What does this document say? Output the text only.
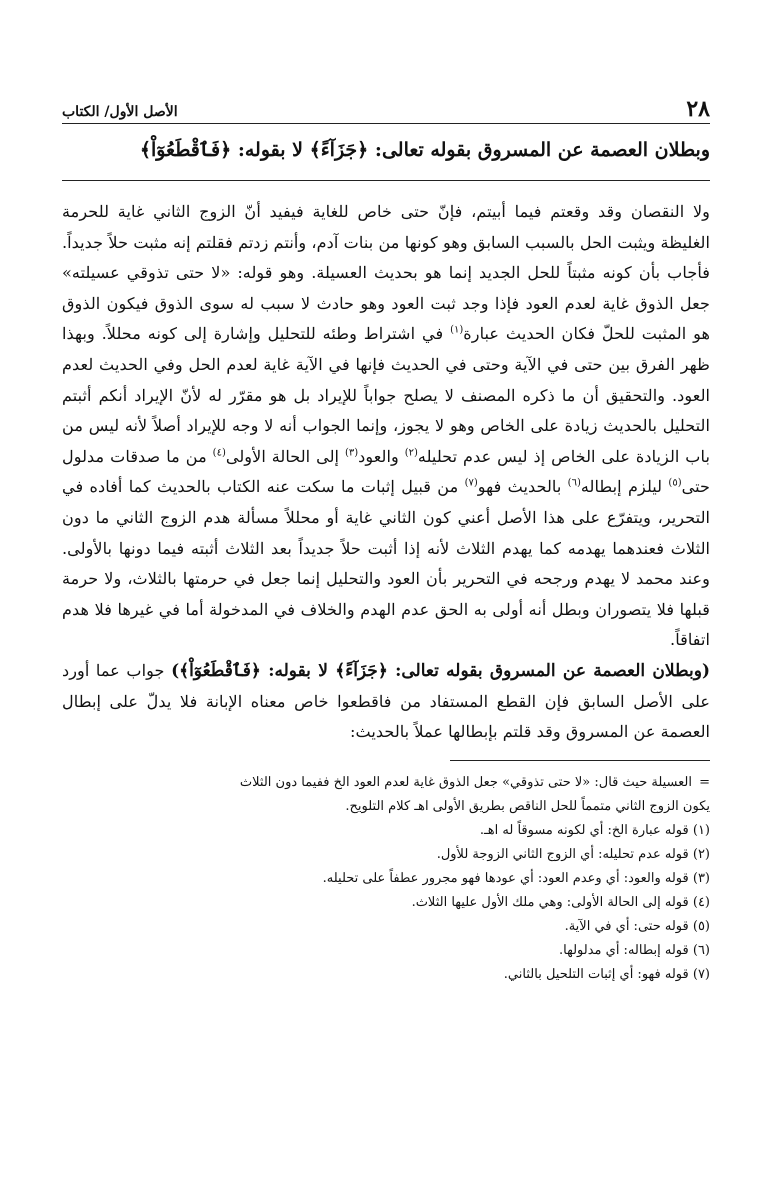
٢٨
الأصل الأول/ الكتاب
وبطلان العصمة عن المسروق بقوله تعالى: ﴿جَزَآءً﴾ لا بقوله: ﴿فَٱقْطَعُوٓاْ﴾

ولا النقصان وقد وقعتم فيما أبيتم، فإنّ حتى خاص للغاية فيفيد أنّ الزوج الثاني غاية للحرمة الغليظة ويثبت الحل بالسبب السابق وهو كونها من بنات آدم، وأنتم زدتم فقلتم إنه مثبت حلاً جديداً. فأجاب بأن كونه مثبتاً للحل الجديد إنما هو بحديث العسيلة. وهو قوله: «لا حتى تذوقي عسيلته» جعل الذوق غاية لعدم العود فإذا وجد ثبت العود وهو حادث لا سبب له سوى الذوق فيكون الذوق هو المثبت للحلّ فكان الحديث عبارة$^{(١)}$ في اشتراط وطئه للتحليل وإشارة إلى كونه محللاً. وبهذا ظهر الفرق بين حتى في الآية وحتى في الحديث فإنها في الآية غاية لعدم الحل وفي الحديث لعدم العود. والتحقيق أن ما ذكره المصنف لا يصلح جواباً للإيراد بل هو مقرّر له لأنّ الإيراد أنكم أثبتم التحليل بالحديث زيادة على الخاص وهو لا يجوز، وإنما الجواب أنه لا وجه للإيراد أصلاً لأنه ليس من باب الزيادة على الخاص إذ ليس عدم تحليله$^{(٢)}$ والعود$^{(٣)}$ إلى الحالة الأولى$^{(٤)}$ من ما صدقات مدلول حتى$^{(٥)}$ ليلزم إبطاله$^{(٦)}$ بالحديث فهو$^{(٧)}$ من قبيل إثبات ما سكت عنه الكتاب بالحديث كما أفاده في التحرير، ويتفرّع على هذا الأصل أعني كون الثاني غاية أو محللاً مسألة هدم الزوج الثاني ما دون الثلاث فعندهما يهدمه كما يهدم الثلاث لأنه إذا أثبت حلاً جديداً بعد الثلاث أثبته فيما دونها بالأولى. وعند محمد لا يهدم ورجحه في التحرير بأن العود والتحليل إنما جعل في حرمتها بالثلاث، ولا حرمة قبلها فلا يتصوران وبطل أنه أولى به الحق عدم الهدم والخلاف في المدخولة أما في غيرها فلا هدم اتفاقاً.

(وبطلان العصمة عن المسروق بقوله تعالى: ﴿جَزَآءً﴾ لا بقوله: ﴿فَٱقْطَعُوٓاْ﴾) جواب عما أورد على الأصل السابق فإن القطع المستفاد من فاقطعوا خاص معناه الإبانة فلا يدلّ على إبطال العصمة عن المسروق وقد قلتم بإبطالها عملاً بالحديث:

=العسيلة حيث قال: «لا حتى تذوقي» جعل الذوق غاية لعدم العود الخ ففيما دون الثلاث
يكون الزوج الثاني متمماً للحل الناقص بطريق الأولى اهـ كلام التلويح.
(١) قوله عبارة الخ: أي لكونه مسوقاً له اهـ.
(٢) قوله عدم تحليله: أي الزوج الثاني الزوجة للأول.
(٣) قوله والعود: أي وعدم العود: أي عودها فهو مجرور عطفاً على تحليله.
(٤) قوله إلى الحالة الأولى: وهي ملك الأول عليها الثلاث.
(٥) قوله حتى: أي في الآية.
(٦) قوله إبطاله: أي مدلولها.
(٧) قوله فهو: أي إثبات التلحيل بالثاني.
